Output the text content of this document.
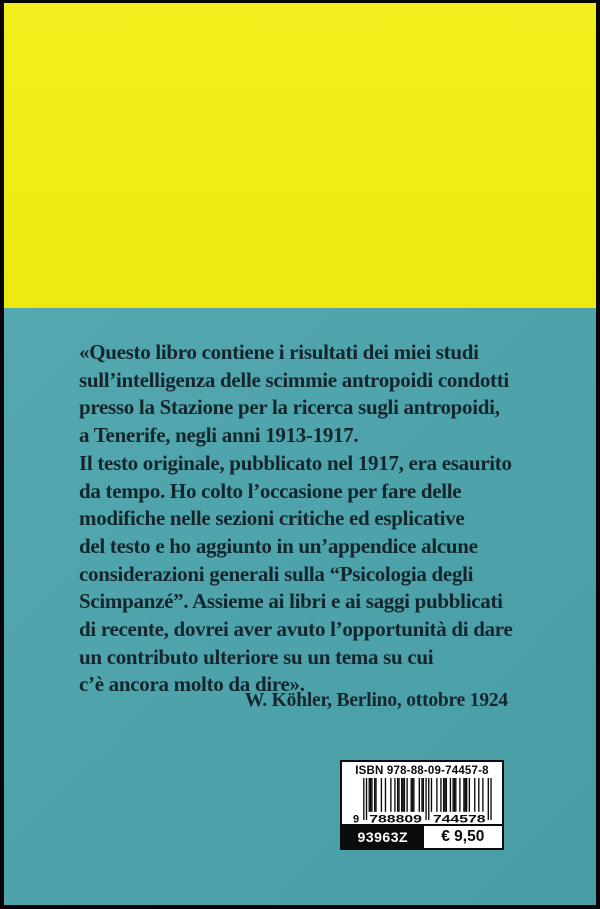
«Questo libro contiene i risultati dei miei studi
sull’intelligenza delle scimmie antropoidi condotti
presso la Stazione per la ricerca sugli antropoidi,
a Tenerife, negli anni 1913-1917.
Il testo originale, pubblicato nel 1917, era esaurito
da tempo. Ho colto l’occasione per fare delle
modifiche nelle sezioni critiche ed esplicative
del testo e ho aggiunto in un’appendice alcune
considerazioni generali sulla “Psicologia degli
Scimpanzé”. Assieme ai libri e ai saggi pubblicati
di recente, dovrei aver avuto l’opportunità di dare
un contributo ulteriore su un tema su cui
c’è ancora molto da dire».
W. Köhler, Berlino, ottobre 1924
ISBN 978-88-09-74457-8
9 788809 744578
93963Z	€ 9,50
